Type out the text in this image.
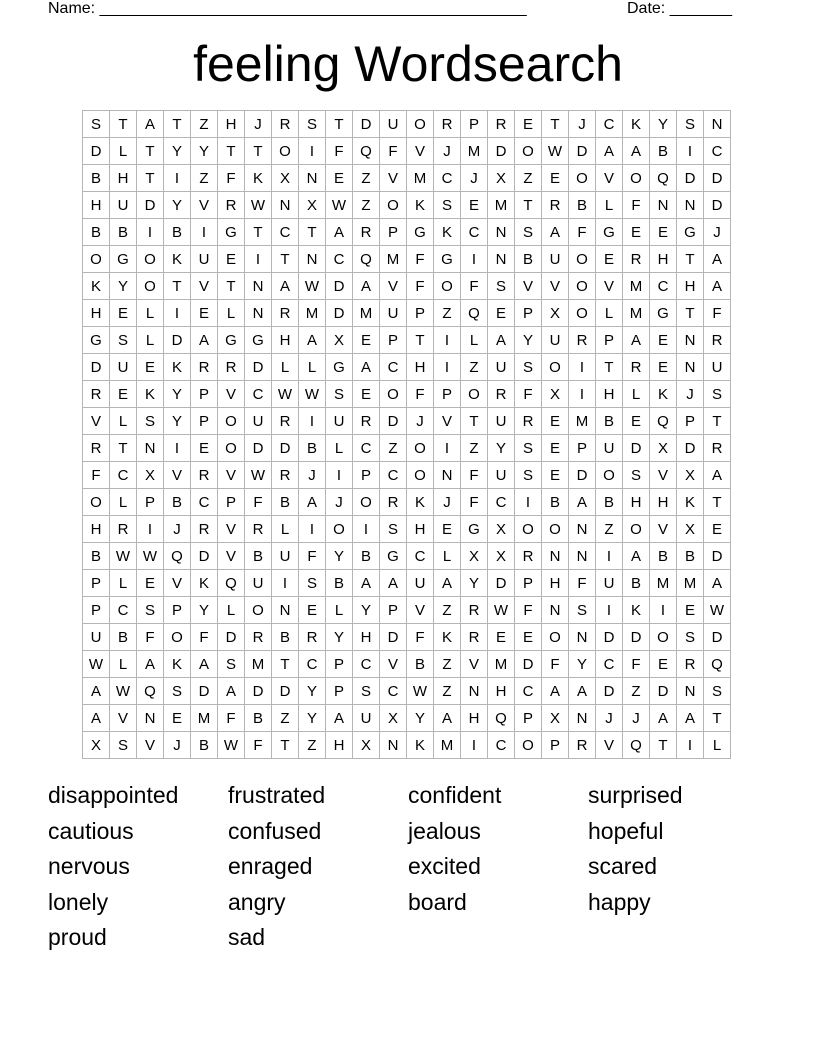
Name: ________________________________________________	Date: _______
feeling Wordsearch
S	T	A	T	Z	H	J	R	S	T	D	U	O	R	P	R	E	T	J	C	K	Y	S	N
D	L	T	Y	Y	T	T	O	I	F	Q	F	V	J	M	D	O	W	D	A	A	B	I	C
B	H	T	I	Z	F	K	X	N	E	Z	V	M	C	J	X	Z	E	O	V	O	Q	D	D
H	U	D	Y	V	R	W	N	X	W	Z	O	K	S	E	M	T	R	B	L	F	N	N	D
B	B	I	B	I	G	T	C	T	A	R	P	G	K	C	N	S	A	F	G	E	E	G	J
O	G	O	K	U	E	I	T	N	C	Q	M	F	G	I	N	B	U	O	E	R	H	T	A
K	Y	O	T	V	T	N	A	W	D	A	V	F	O	F	S	V	V	O	V	M	C	H	A
H	E	L	I	E	L	N	R	M	D	M	U	P	Z	Q	E	P	X	O	L	M	G	T	F
G	S	L	D	A	G	G	H	A	X	E	P	T	I	L	A	Y	U	R	P	A	E	N	R
D	U	E	K	R	R	D	L	L	G	A	C	H	I	Z	U	S	O	I	T	R	E	N	U
R	E	K	Y	P	V	C	W	W	S	E	O	F	P	O	R	F	X	I	H	L	K	J	S
V	L	S	Y	P	O	U	R	I	U	R	D	J	V	T	U	R	E	M	B	E	Q	P	T
R	T	N	I	E	O	D	D	B	L	C	Z	O	I	Z	Y	S	E	P	U	D	X	D	R
F	C	X	V	R	V	W	R	J	I	P	C	O	N	F	U	S	E	D	O	S	V	X	A
O	L	P	B	C	P	F	B	A	J	O	R	K	J	F	C	I	B	A	B	H	H	K	T
H	R	I	J	R	V	R	L	I	O	I	S	H	E	G	X	O	O	N	Z	O	V	X	E
B	W	W	Q	D	V	B	U	F	Y	B	G	C	L	X	X	R	N	N	I	A	B	B	D
P	L	E	V	K	Q	U	I	S	B	A	A	U	A	Y	D	P	H	F	U	B	M	M	A
P	C	S	P	Y	L	O	N	E	L	Y	P	V	Z	R	W	F	N	S	I	K	I	E	W
U	B	F	O	F	D	R	B	R	Y	H	D	F	K	R	E	E	O	N	D	D	O	S	D
W	L	A	K	A	S	M	T	C	P	C	V	B	Z	V	M	D	F	Y	C	F	E	R	Q
A	W	Q	S	D	A	D	D	Y	P	S	C	W	Z	N	H	C	A	A	D	Z	D	N	S
A	V	N	E	M	F	B	Z	Y	A	U	X	Y	A	H	Q	P	X	N	J	J	A	A	T
X	S	V	J	B	W	F	T	Z	H	X	N	K	M	I	C	O	P	R	V	Q	T	I	L
disappointed	frustrated	confident	surprised
cautious	confused	jealous	hopeful
nervous	enraged	excited	scared
lonely	angry	board	happy
proud	sad
